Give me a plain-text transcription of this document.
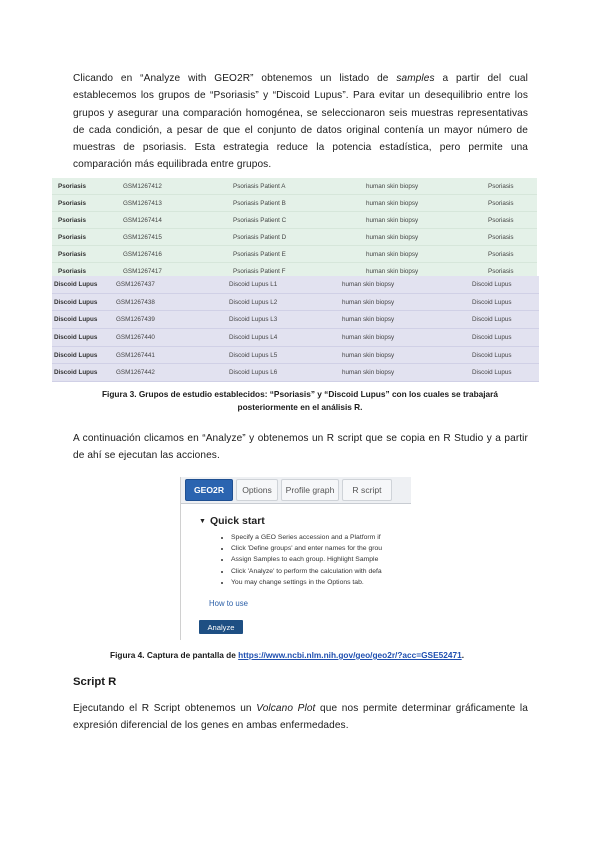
Clicando en “Analyze with GEO2R” obtenemos un listado de samples a partir del cual establecemos los grupos de “Psoriasis” y “Discoid Lupus”. Para evitar un desequilibrio entre los grupos y asegurar una comparación homogénea, se seleccionaron seis muestras representativas de cada condición, a pesar de que el conjunto de datos original contenía un mayor número de muestras de psoriasis. Esta estrategia reduce la potencia estadística, pero permite una comparación más equilibrada entre grupos.
Psoriasis	GSM1267412	Psoriasis Patient A	human skin biopsy	Psoriasis
Psoriasis	GSM1267413	Psoriasis Patient B	human skin biopsy	Psoriasis
Psoriasis	GSM1267414	Psoriasis Patient C	human skin biopsy	Psoriasis
Psoriasis	GSM1267415	Psoriasis Patient D	human skin biopsy	Psoriasis
Psoriasis	GSM1267416	Psoriasis Patient E	human skin biopsy	Psoriasis
Psoriasis	GSM1267417	Psoriasis Patient F	human skin biopsy	Psoriasis
Discoid Lupus	GSM1267437	Discoid Lupus L1	human skin biopsy	Discoid Lupus
Discoid Lupus	GSM1267438	Discoid Lupus L2	human skin biopsy	Discoid Lupus
Discoid Lupus	GSM1267439	Discoid Lupus L3	human skin biopsy	Discoid Lupus
Discoid Lupus	GSM1267440	Discoid Lupus L4	human skin biopsy	Discoid Lupus
Discoid Lupus	GSM1267441	Discoid Lupus L5	human skin biopsy	Discoid Lupus
Discoid Lupus	GSM1267442	Discoid Lupus L6	human skin biopsy	Discoid Lupus
Figura 3. Grupos de estudio establecidos: “Psoriasis” y “Discoid Lupus” con los cuales se trabajará posteriormente en el análisis R.
A continuación clicamos en “Analyze” y obtenemos un R script que se copia en R Studio y a partir de ahí se ejecutan las acciones.
GEO2R	Options	Profile graph	R script
▼ Quick start
• Specify a GEO Series accession and a Platform if
• Click 'Define groups' and enter names for the grou
• Assign Samples to each group. Highlight Sample
• Click 'Analyze' to perform the calculation with defa
• You may change settings in the Options tab.
How to use
Analyze
Figura 4. Captura de pantalla de https://www.ncbi.nlm.nih.gov/geo/geo2r/?acc=GSE52471.
Script R
Ejecutando el R Script obtenemos un Volcano Plot que nos permite determinar gráficamente la expresión diferencial de los genes en ambas enfermedades.
